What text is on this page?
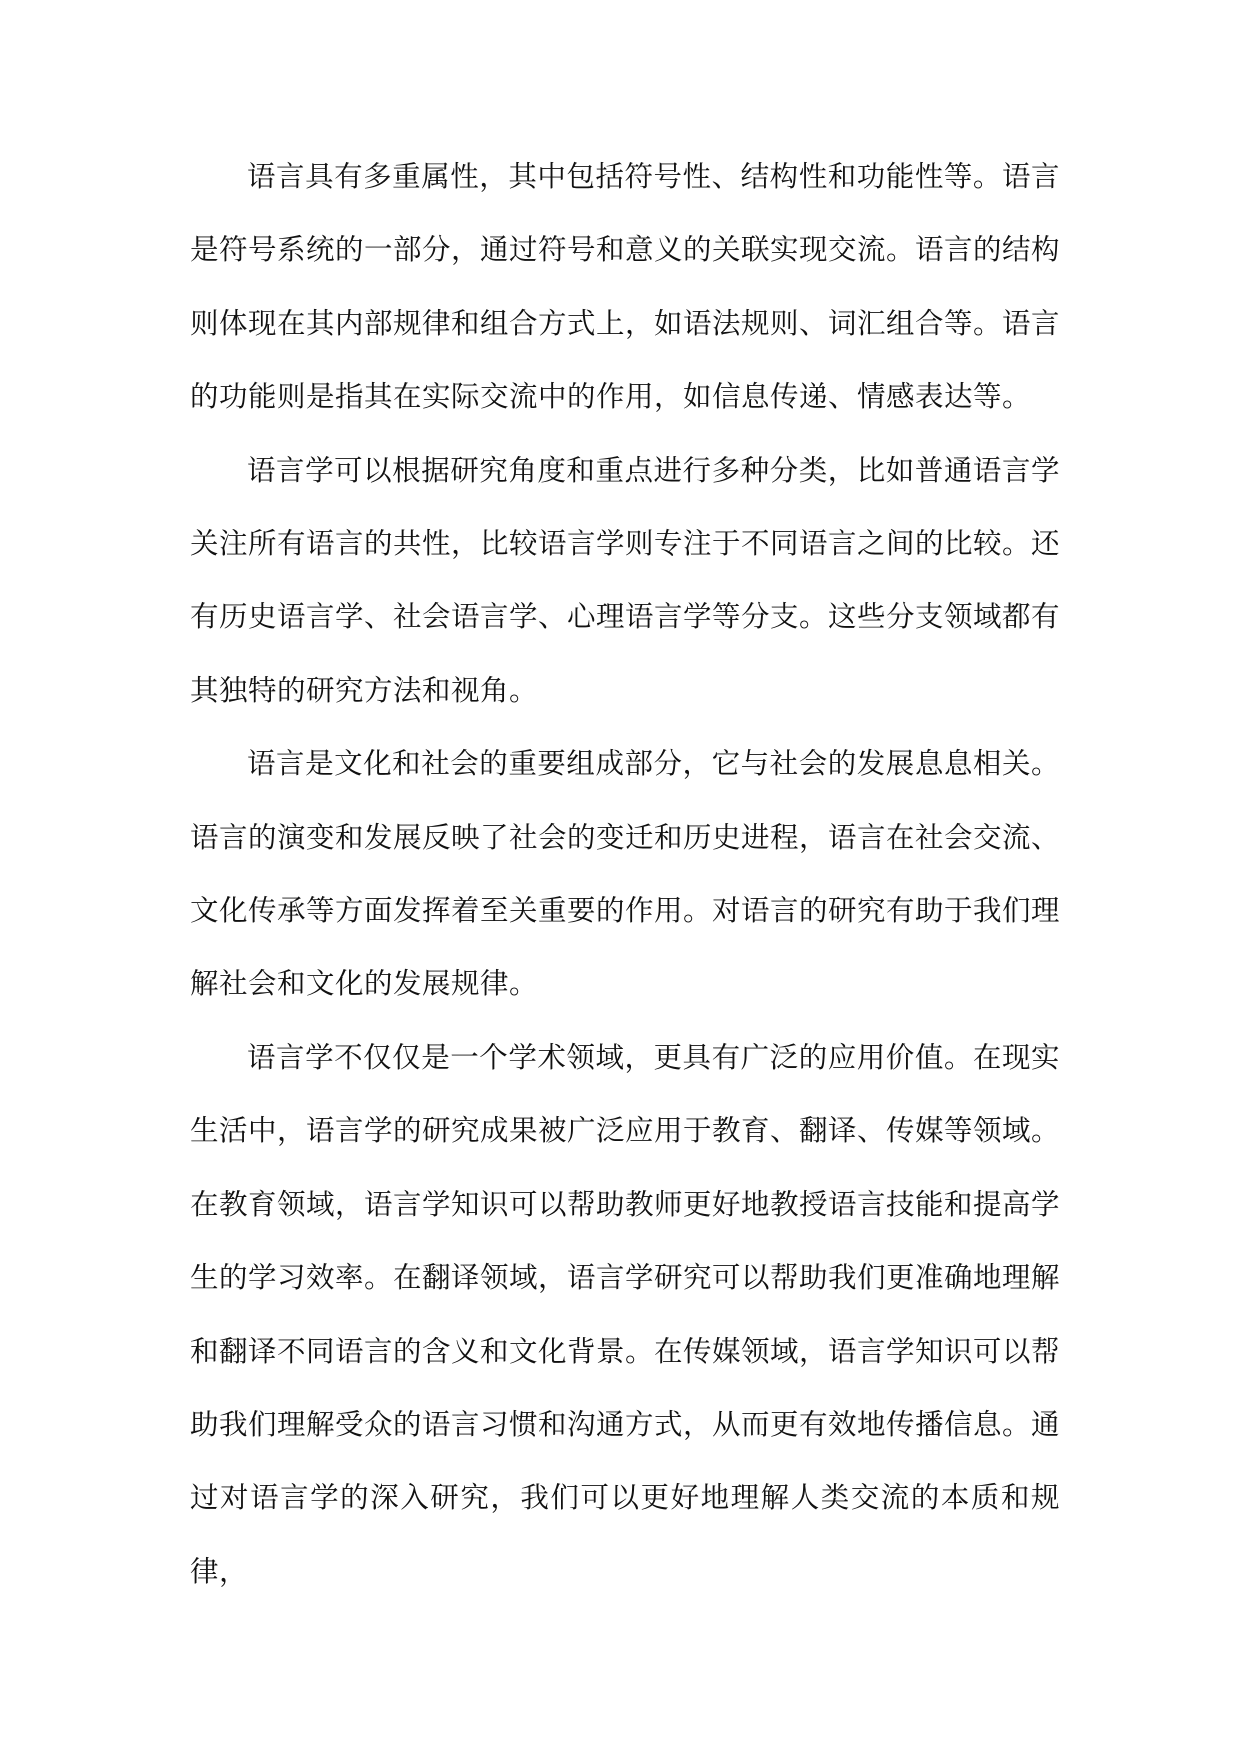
语言具有多重属性，其中包括符号性、结构性和功能性等。语言是符号系统的一部分，通过符号和意义的关联实现交流。语言的结构则体现在其内部规律和组合方式上，如语法规则、词汇组合等。语言的功能则是指其在实际交流中的作用，如信息传递、情感表达等。

语言学可以根据研究角度和重点进行多种分类，比如普通语言学关注所有语言的共性，比较语言学则专注于不同语言之间的比较。还有历史语言学、社会语言学、心理语言学等分支。这些分支领域都有其独特的研究方法和视角。

语言是文化和社会的重要组成部分，它与社会的发展息息相关。语言的演变和发展反映了社会的变迁和历史进程，语言在社会交流、文化传承等方面发挥着至关重要的作用。对语言的研究有助于我们理解社会和文化的发展规律。

语言学不仅仅是一个学术领域，更具有广泛的应用价值。在现实生活中，语言学的研究成果被广泛应用于教育、翻译、传媒等领域。在教育领域，语言学知识可以帮助教师更好地教授语言技能和提高学生的学习效率。在翻译领域，语言学研究可以帮助我们更准确地理解和翻译不同语言的含义和文化背景。在传媒领域，语言学知识可以帮助我们理解受众的语言习惯和沟通方式，从而更有效地传播信息。通过对语言学的深入研究，我们可以更好地理解人类交流的本质和规律，
